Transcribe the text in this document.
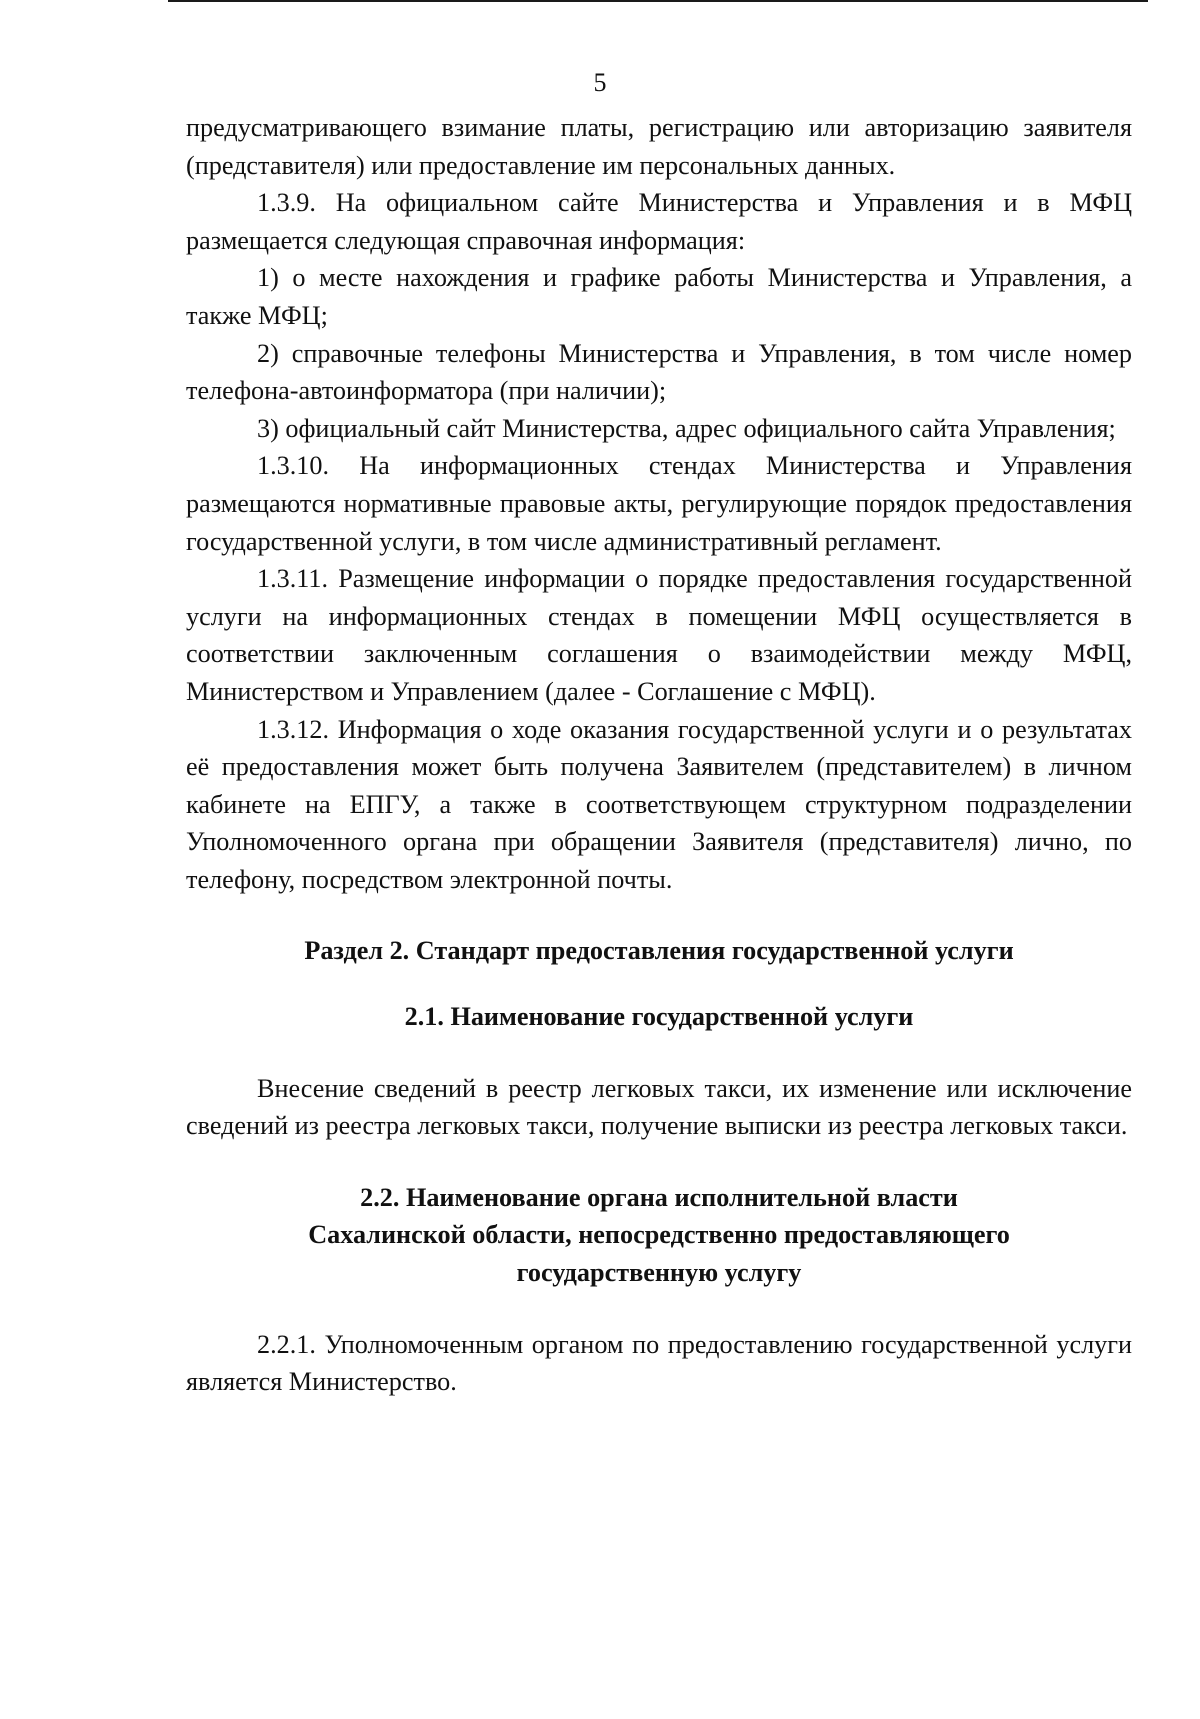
5

предусматривающего взимание платы, регистрацию или авторизацию заявителя (представителя) или предоставление им персональных данных.

1.3.9. На официальном сайте Министерства и Управления и в МФЦ размещается следующая справочная информация:

1) о месте нахождения и графике работы Министерства и Управления, а также МФЦ;

2) справочные телефоны Министерства и Управления, в том числе номер телефона-автоинформатора (при наличии);

3) официальный сайт Министерства, адрес официального сайта Управления;

1.3.10. На информационных стендах Министерства и Управления размещаются нормативные правовые акты, регулирующие порядок предоставления государственной услуги, в том числе административный регламент.

1.3.11. Размещение информации о порядке предоставления государственной услуги на информационных стендах в помещении МФЦ осуществляется в соответствии заключенным соглашения о взаимодействии между МФЦ, Министерством и Управлением (далее - Соглашение с МФЦ).

1.3.12. Информация о ходе оказания государственной услуги и о результатах её предоставления может быть получена Заявителем (представителем) в личном кабинете на ЕПГУ, а также в соответствующем структурном подразделении Уполномоченного органа при обращении Заявителя (представителя) лично, по телефону, посредством электронной почты.

Раздел 2. Стандарт предоставления государственной услуги

2.1. Наименование государственной услуги

Внесение сведений в реестр легковых такси, их изменение или исключение сведений из реестра легковых такси, получение выписки из реестра легковых такси.

2.2. Наименование органа исполнительной власти

Сахалинской области, непосредственно предоставляющего

государственную услугу

2.2.1. Уполномоченным органом по предоставлению государственной услуги является Министерство.
